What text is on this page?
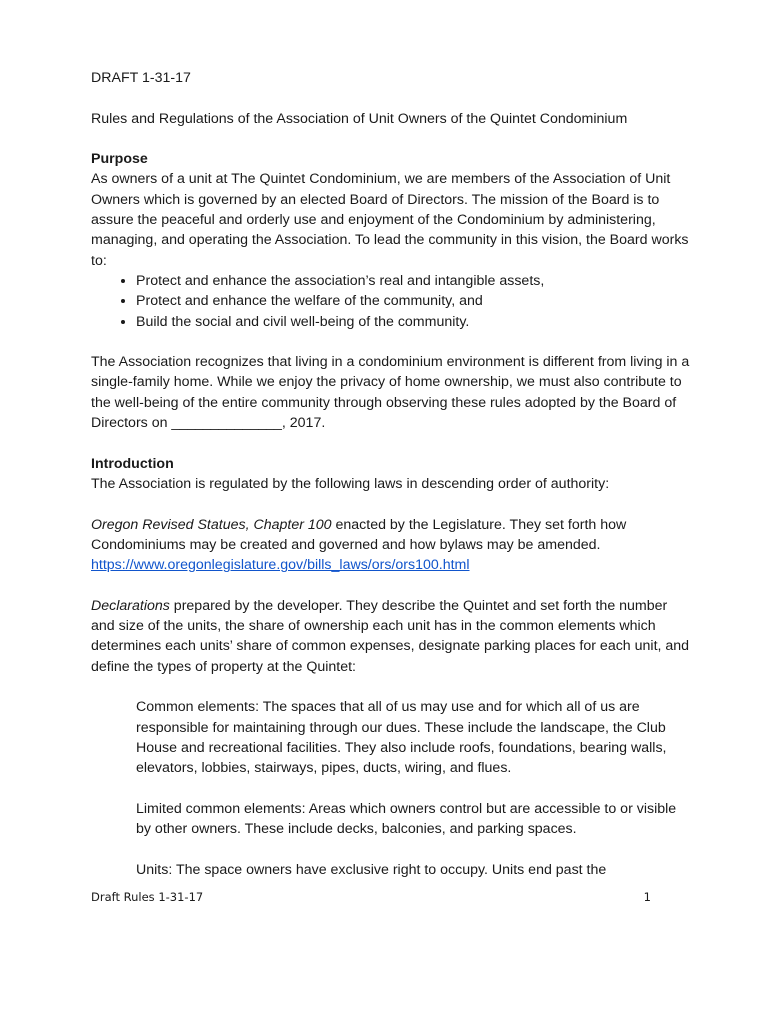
DRAFT 1-31-17

Rules and Regulations of the Association of Unit Owners of the Quintet Condominium

Purpose

As owners of a unit at The Quintet Condominium, we are members of the Association of Unit Owners which is governed by an elected Board of Directors. The mission of the Board is to assure the peaceful and orderly use and enjoyment of the Condominium by administering, managing, and operating the Association. To lead the community in this vision, the Board works to:

• Protect and enhance the association’s real and intangible assets,
• Protect and enhance the welfare of the community, and
• Build the social and civil well-being of the community.

The Association recognizes that living in a condominium environment is different from living in a single-family home. While we enjoy the privacy of home ownership, we must also contribute to the well-being of the entire community through observing these rules adopted by the Board of Directors on ______________, 2017.

Introduction

The Association is regulated by the following laws in descending order of authority:

Oregon Revised Statues, Chapter 100 enacted by the Legislature. They set forth how Condominiums may be created and governed and how bylaws may be amended.
https://www.oregonlegislature.gov/bills_laws/ors/ors100.html

Declarations prepared by the developer. They describe the Quintet and set forth the number and size of the units, the share of ownership each unit has in the common elements which determines each units’ share of common expenses, designate parking places for each unit, and define the types of property at the Quintet:

Common elements: The spaces that all of us may use and for which all of us are responsible for maintaining through our dues. These include the landscape, the Club House and recreational facilities. They also include roofs, foundations, bearing walls, elevators, lobbies, stairways, pipes, ducts, wiring, and flues.

Limited common elements: Areas which owners control but are accessible to or visible by other owners. These include decks, balconies, and parking spaces.

Units: The space owners have exclusive right to occupy. Units end past the

Draft Rules 1-31-17	1
